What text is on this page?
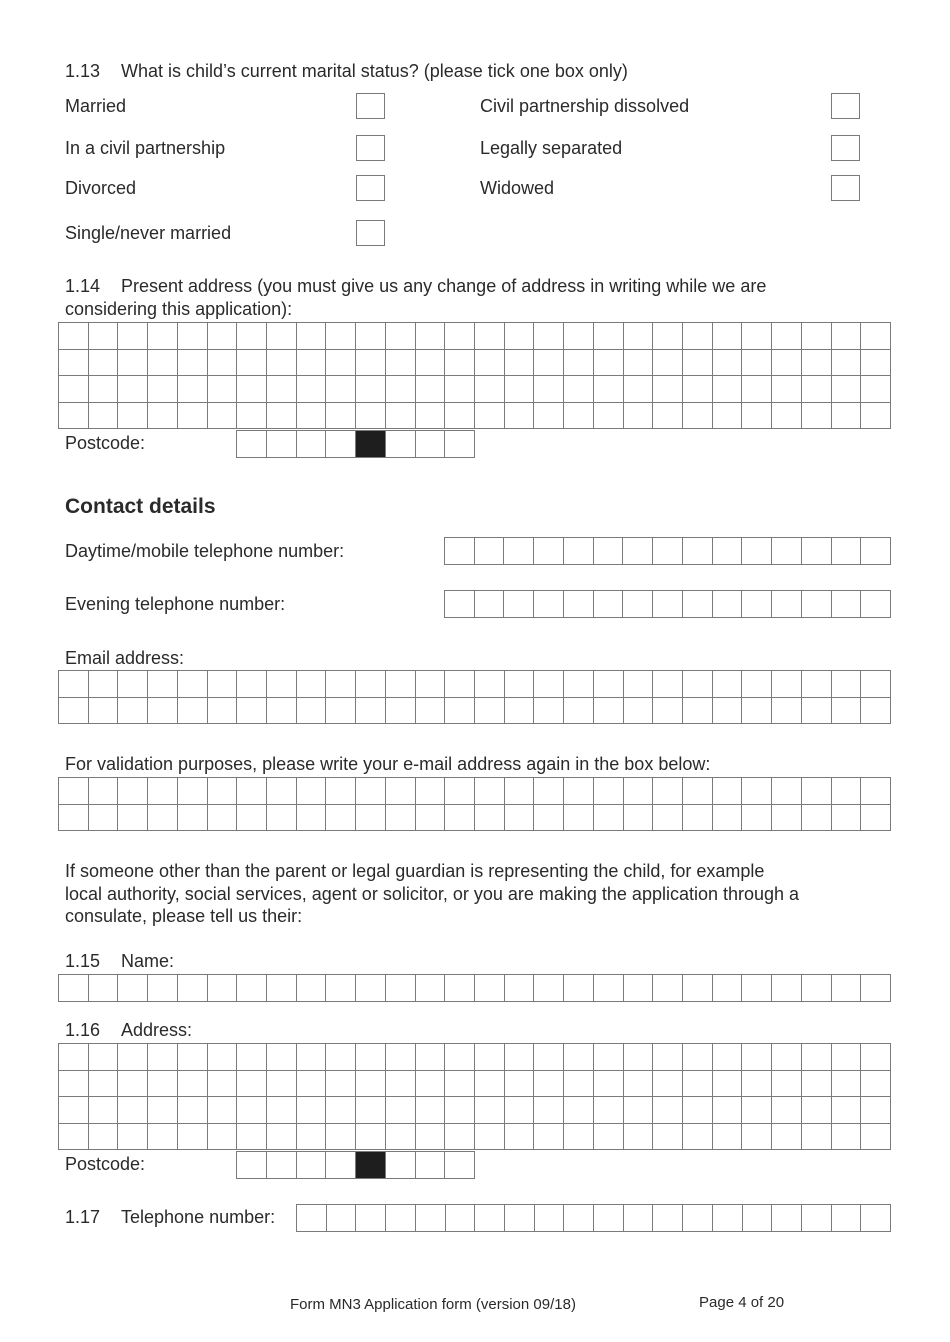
1.13 What is child’s current marital status? (please tick one box only)
Married
In a civil partnership
Divorced
Single/never married
Civil partnership dissolved
Legally separated
Widowed
1.14 Present address (you must give us any change of address in writing while we are
considering this application):
Postcode:
Contact details
Daytime/mobile telephone number:
Evening telephone number:
Email address:
For validation purposes, please write your e-mail address again in the box below:
If someone other than the parent or legal guardian is representing the child, for example
local authority, social services, agent or solicitor, or you are making the application through a
consulate, please tell us their:
1.15 Name:
1.16 Address:
Postcode:
1.17 Telephone number:
Form MN3 Application form (version 09/18)	Page 4 of 20
